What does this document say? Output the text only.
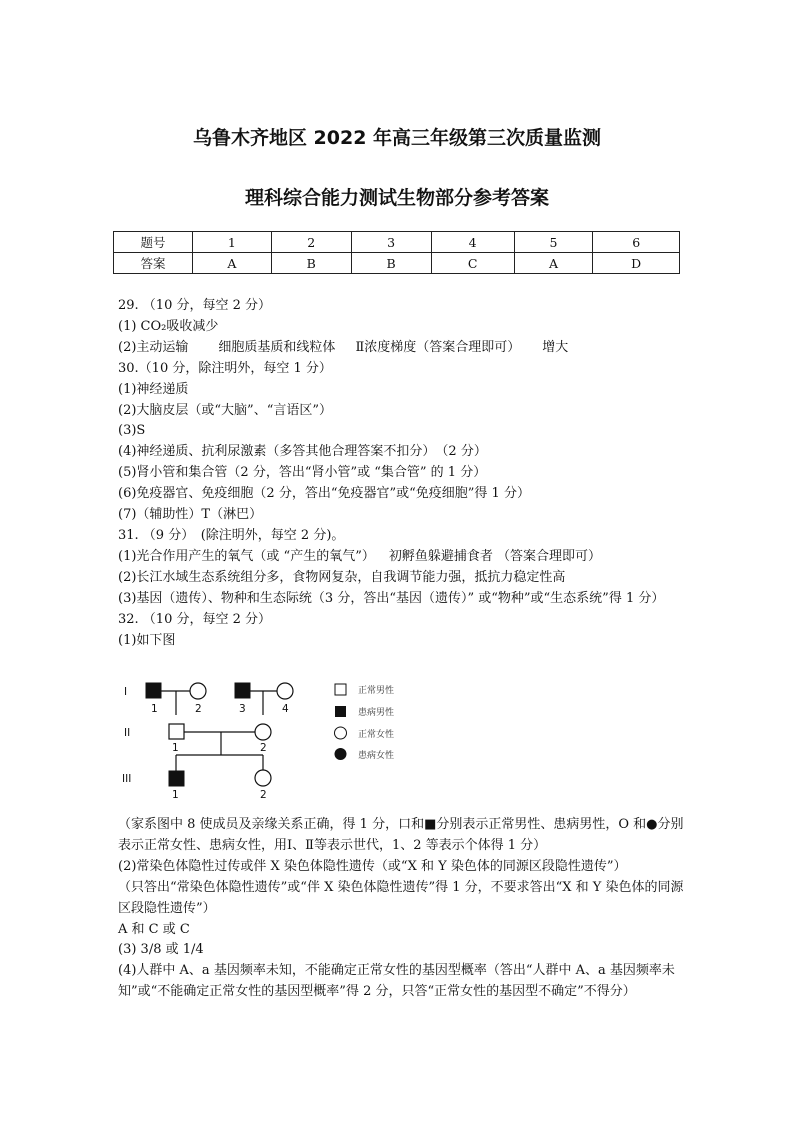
乌鲁木齐地区 2022 年高三年级第三次质量监测
理科综合能力测试生物部分参考答案
题号	1	2	3	4	5	6
答案	A	B	B	C	A	D

29. （10 分，每空 2 分）

(1) CO₂吸收减少

(2)主动运输 细胞质基质和线粒体 Ⅱ浓度梯度（答案合理即可） 增大

30.（10 分，除注明外，每空 1 分）

(1)神经递质

(2)大脑皮层（或“大脑”、“言语区”）

(3)S

(4)神经递质、抗利尿激素（多答其他合理答案不扣分）　（2 分）

(5)肾小管和集合管（2 分，答出“肾小管”或 “集合管” 的 1 分）

(6)免疫器官、免疫细胞（2 分，答出“免疫器官”或“免疫细胞”得 1 分）

(7)（辅助性）T（淋巴）

31. （9 分）　(除注明外，每空 2 分)。

(1)光合作用产生的氧气（或 “产生的氧气”） 初孵鱼躲避捕食者 （答案合理即可）

(2)长江水域生态系统组分多，食物网复杂，自我调节能力强，抵抗力稳定性高

(3)基因（遗传）、物种和生态际统（3 分，答出“基因（遗传）” 或“物种”或“生态系统”得 1 分）

32. （10 分，每空 2 分）

(1)如下图

I
II
III
1	2	3	4
1	2
1	2
正常男性
患病男性
正常女性
患病女性

（家系图中 8 使成员及亲缘关系正确，得 1 分，口和■分别表示正常男性、患病男性，O 和●分别表示正常女性、患病女性，用Ⅰ、Ⅱ等表示世代，1、2 等表示个体得 1 分）

(2)常染色体隐性过传或伴 X 染色体隐性遗传（或“X 和 Y 染色体的同源区段隐性遗传”）

（只答出“常染色体隐性遗传”或“伴 X 染色体隐性遗传”得 1 分，不要求答出“X 和 Y 染色体的同源区段隐性遗传”）

A 和 C 或 C

(3) 3/8 或 1/4

(4)人群中 A、a 基因频率未知，不能确定正常女性的基因型概率（答出“人群中 A、a 基因频率未知”或“不能确定正常女性的基因型概率”得 2 分，只答“正常女性的基因型不确定”不得分）
